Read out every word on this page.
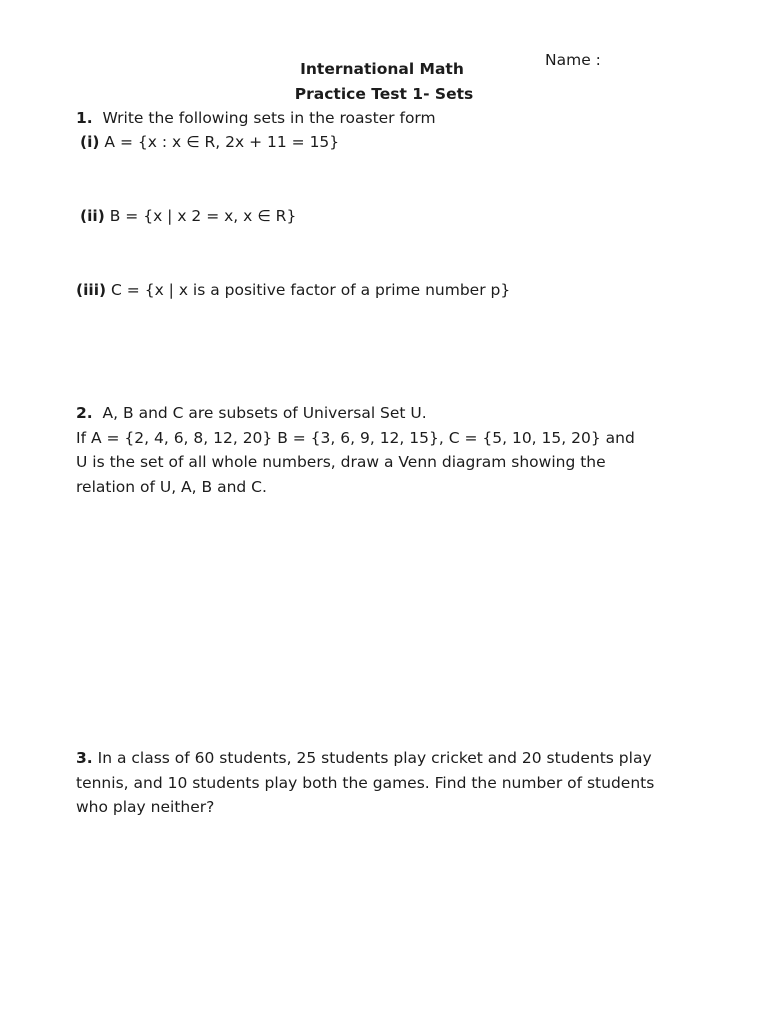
Name :
International Math
Practice Test 1- Sets
1. Write the following sets in the roaster form
(i) A = {x : x ∈ R, 2x + 11 = 15}
(ii) B = {x | x 2 = x, x ∈ R}
(iii) C = {x | x is a positive factor of a prime number p}
2. A, B and C are subsets of Universal Set U.
If A = {2, 4, 6, 8, 12, 20} B = {3, 6, 9, 12, 15}, C = {5, 10, 15, 20} and
U is the set of all whole numbers, draw a Venn diagram showing the
relation of U, A, B and C.
3. In a class of 60 students, 25 students play cricket and 20 students play
tennis, and 10 students play both the games. Find the number of students
who play neither?
